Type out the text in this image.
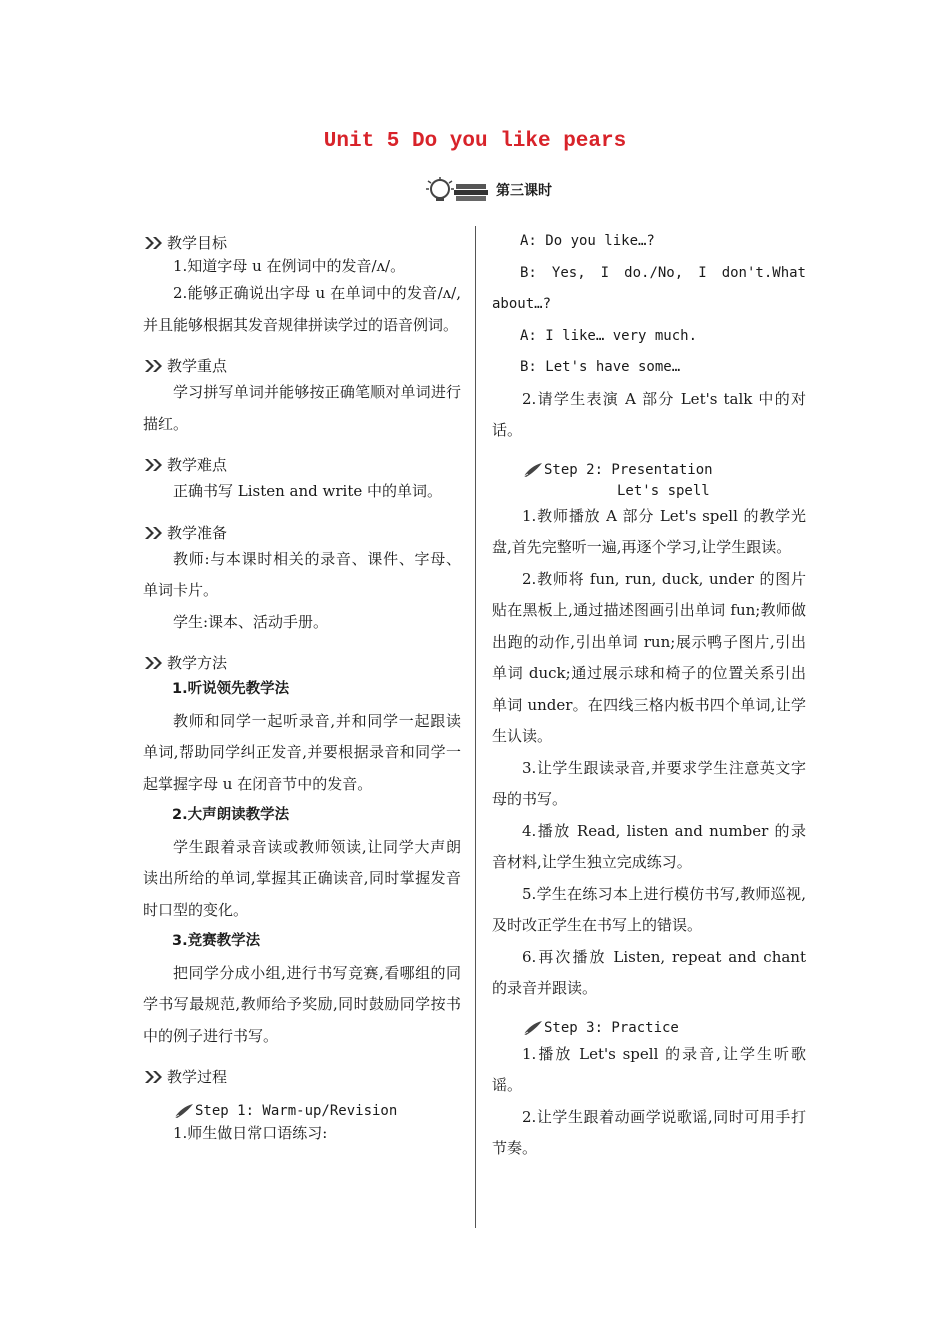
Unit 5 Do you like pears
第三课时
教学目标
1.知道字母 u 在例词中的发音/ʌ/。
2.能够正确说出字母 u 在单词中的发音/ʌ/,并且能够根据其发音规律拼读学过的语音例词。
教学重点
学习拼写单词并能够按正确笔顺对单词进行描红。
教学难点
正确书写 Listen and write 中的单词。
教学准备
教师:与本课时相关的录音、课件、字母、单词卡片。
学生:课本、活动手册。
教学方法
1.听说领先教学法
教师和同学一起听录音,并和同学一起跟读单词,帮助同学纠正发音,并要根据录音和同学一起掌握字母 u 在闭音节中的发音。
2.大声朗读教学法
学生跟着录音读或教师领读,让同学大声朗读出所给的单词,掌握其正确读音,同时掌握发音时口型的变化。
3.竞赛教学法
把同学分成小组,进行书写竞赛,看哪组的同学书写最规范,教师给予奖励,同时鼓励同学按书中的例子进行书写。
教学过程
Step 1: Warm-up/Revision
1.师生做日常口语练习:
A: Do you like…?
B: Yes, I do./No, I don't.What about…?
A: I like… very much.
B: Let's have some…
2.请学生表演 A 部分 Let's talk 中的对话。
Step 2: Presentation
Let's spell
1.教师播放 A 部分 Let's spell 的教学光盘,首先完整听一遍,再逐个学习,让学生跟读。
2.教师将 fun, run, duck, under 的图片贴在黑板上,通过描述图画引出单词 fun;教师做出跑的动作,引出单词 run;展示鸭子图片,引出单词 duck;通过展示球和椅子的位置关系引出单词 under。在四线三格内板书四个单词,让学生认读。
3.让学生跟读录音,并要求学生注意英文字母的书写。
4.播放 Read, listen and number 的录音材料,让学生独立完成练习。
5.学生在练习本上进行模仿书写,教师巡视,及时改正学生在书写上的错误。
6.再次播放 Listen, repeat and chant 的录音并跟读。
Step 3: Practice
1.播放 Let's spell 的录音,让学生听歌谣。
2.让学生跟着动画学说歌谣,同时可用手打节奏。
